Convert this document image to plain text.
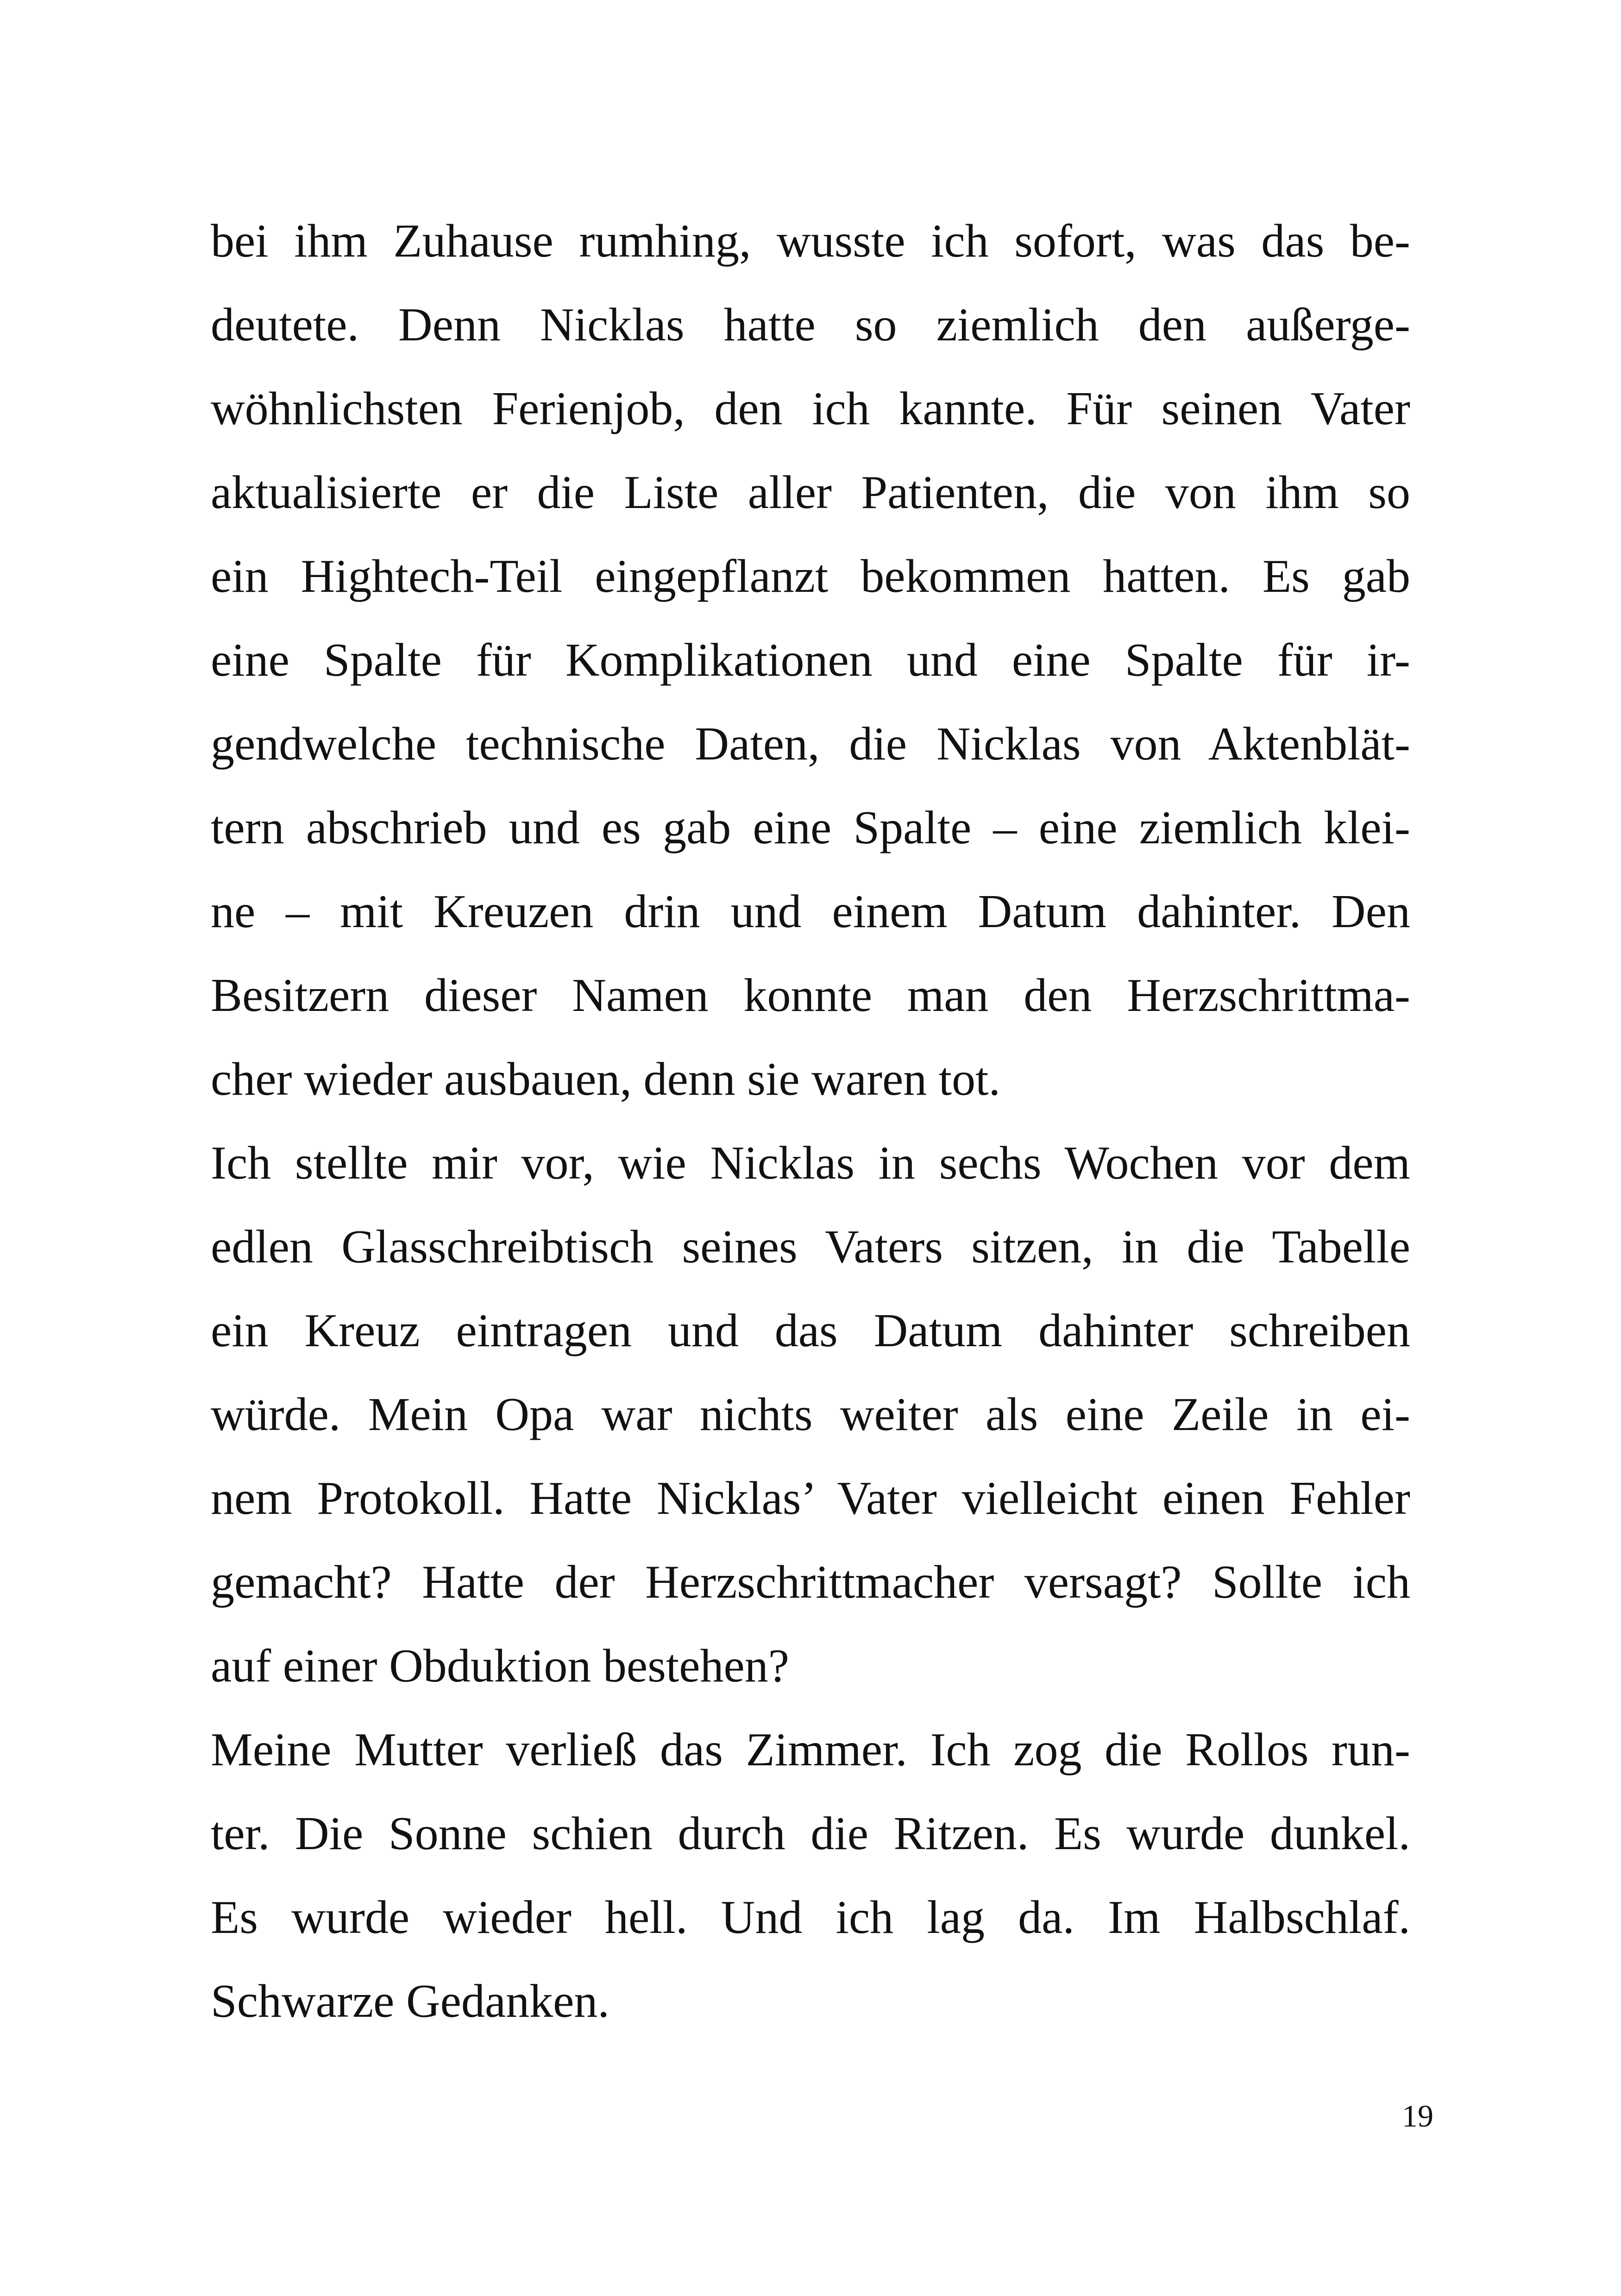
bei ihm Zuhause rumhing, wusste ich sofort, was das be-
deutete. Denn Nicklas hatte so ziemlich den außerge-
wöhnlichsten Ferienjob, den ich kannte. Für seinen Vater
aktualisierte er die Liste aller Patienten, die von ihm so
ein Hightech-Teil eingepflanzt bekommen hatten. Es gab
eine Spalte für Komplikationen und eine Spalte für ir-
gendwelche technische Daten, die Nicklas von Aktenblät-
tern abschrieb und es gab eine Spalte – eine ziemlich klei-
ne – mit Kreuzen drin und einem Datum dahinter. Den
Besitzern dieser Namen konnte man den Herzschrittma-
cher wieder ausbauen, denn sie waren tot.
Ich stellte mir vor, wie Nicklas in sechs Wochen vor dem
edlen Glasschreibtisch seines Vaters sitzen, in die Tabelle
ein Kreuz eintragen und das Datum dahinter schreiben
würde. Mein Opa war nichts weiter als eine Zeile in ei-
nem Protokoll. Hatte Nicklas’ Vater vielleicht einen Fehler
gemacht? Hatte der Herzschrittmacher versagt? Sollte ich
auf einer Obduktion bestehen?
Meine Mutter verließ das Zimmer. Ich zog die Rollos run-
ter. Die Sonne schien durch die Ritzen. Es wurde dunkel.
Es wurde wieder hell. Und ich lag da. Im Halbschlaf.
Schwarze Gedanken.
19
